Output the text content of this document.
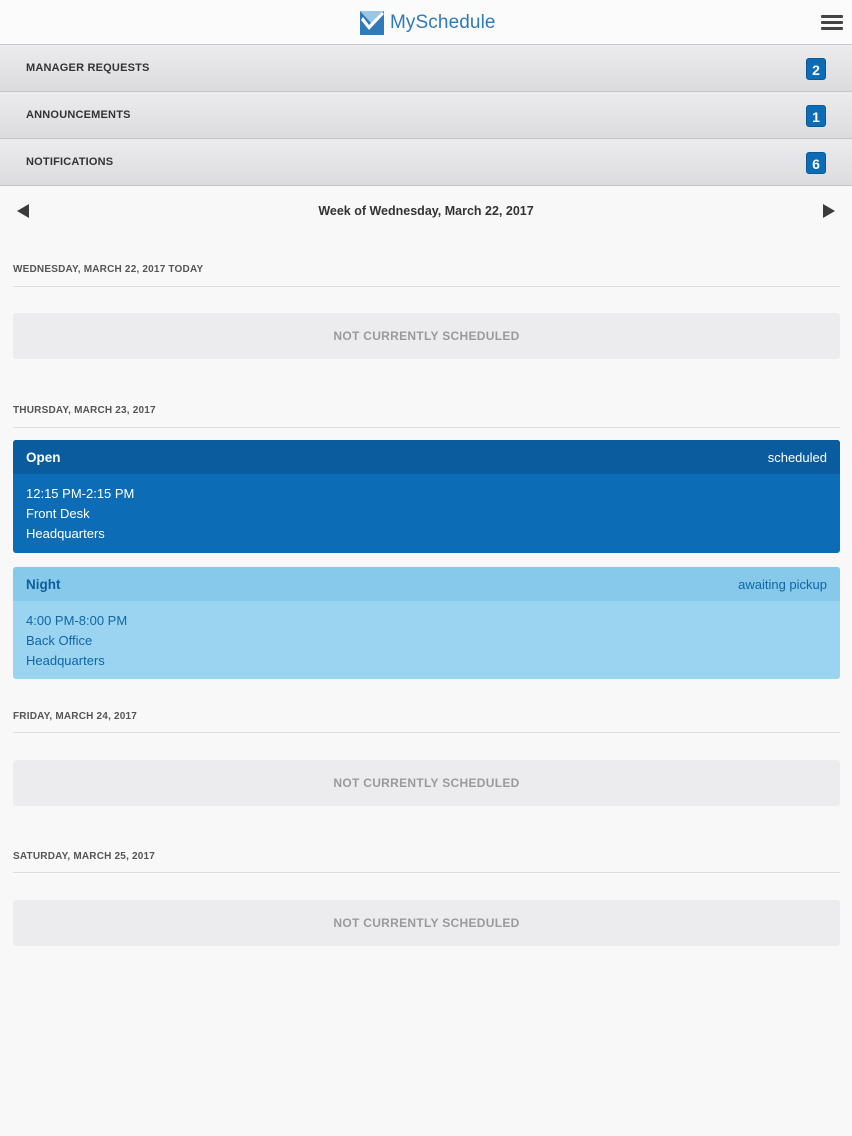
MySchedule
MANAGER REQUESTS	2
ANNOUNCEMENTS	1
NOTIFICATIONS	6
Week of Wednesday, March 22, 2017
WEDNESDAY, MARCH 22, 2017 TODAY
NOT CURRENTLY SCHEDULED
THURSDAY, MARCH 23, 2017
Open	scheduled
12:15 PM-2:15 PM
Front Desk
Headquarters
Night	awaiting pickup
4:00 PM-8:00 PM
Back Office
Headquarters
FRIDAY, MARCH 24, 2017
NOT CURRENTLY SCHEDULED
SATURDAY, MARCH 25, 2017
NOT CURRENTLY SCHEDULED
